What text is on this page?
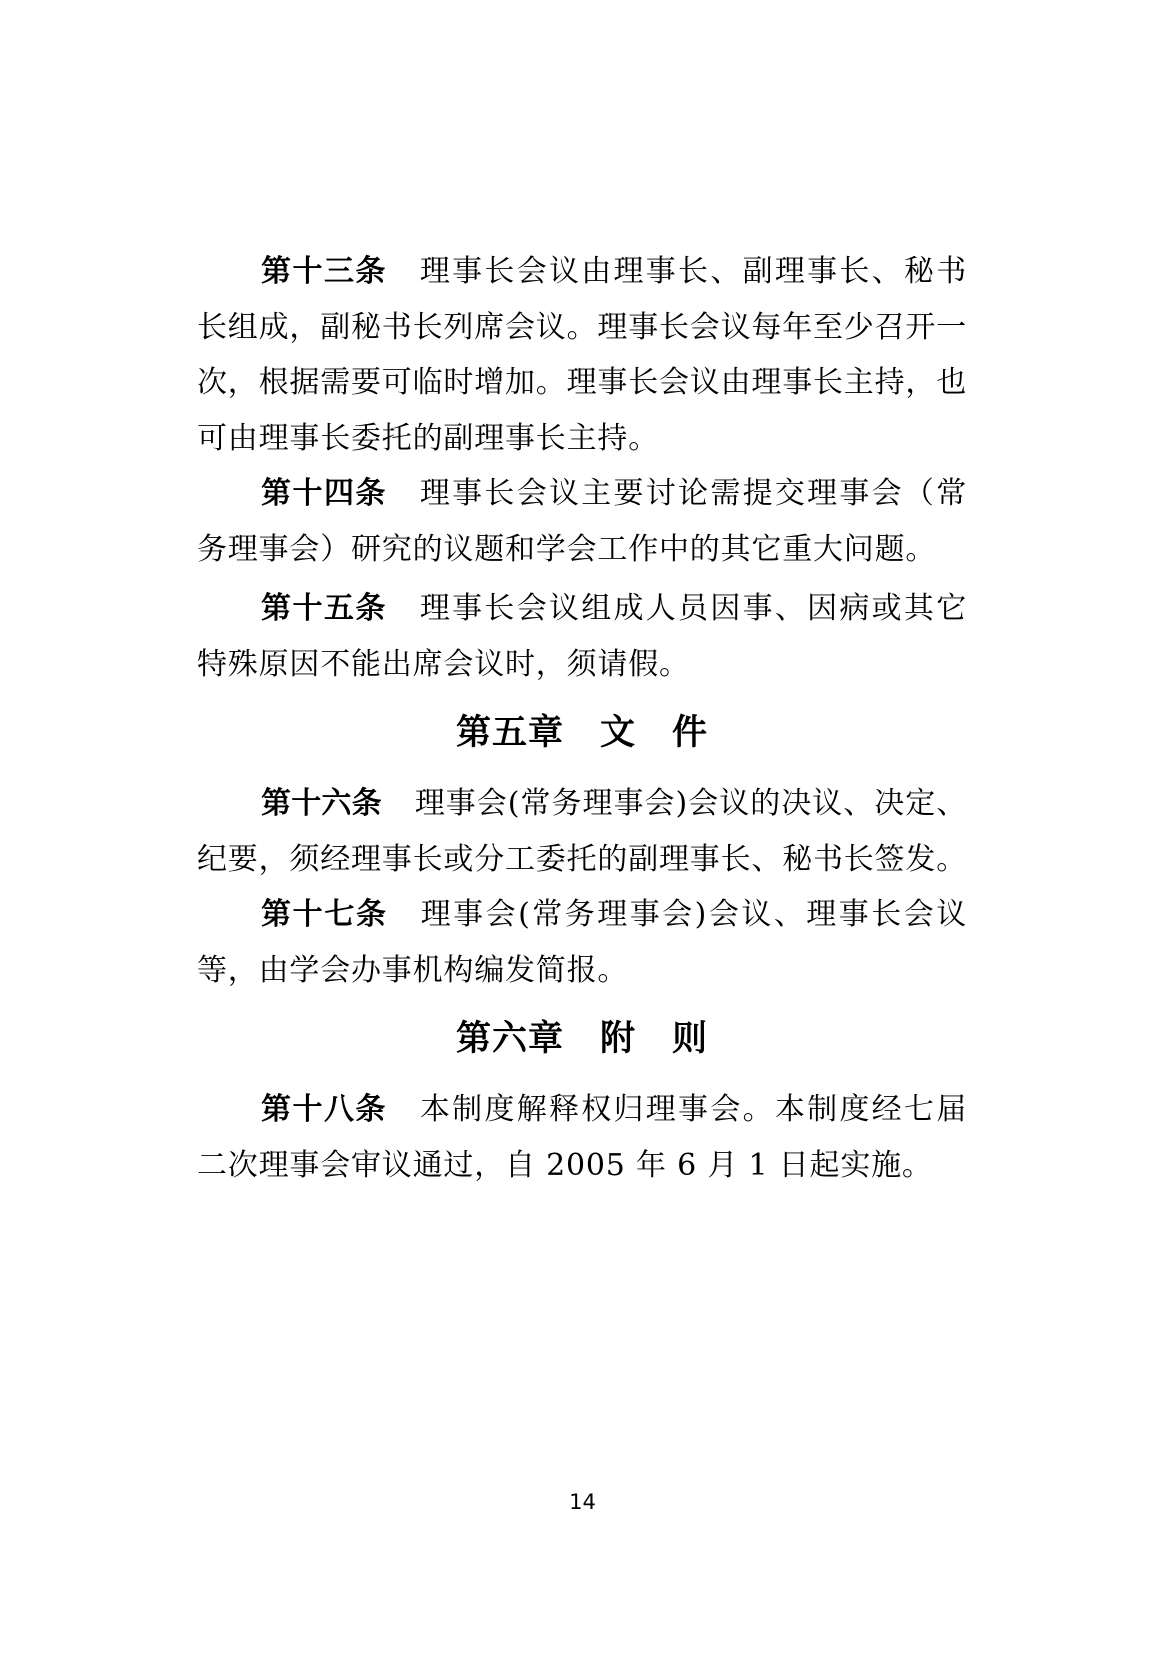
第十三条 理事长会议由理事长、副理事长、秘书长组成，副秘书长列席会议。理事长会议每年至少召开一次，根据需要可临时增加。理事长会议由理事长主持，也可由理事长委托的副理事长主持。

第十四条 理事长会议主要讨论需提交理事会（常务理事会）研究的议题和学会工作中的其它重大问题。

第十五条 理事长会议组成人员因事、因病或其它特殊原因不能出席会议时，须请假。

第五章　文　件

第十六条 理事会(常务理事会)会议的决议、决定、纪要，须经理事长或分工委托的副理事长、秘书长签发。

第十七条 理事会(常务理事会)会议、理事长会议等，由学会办事机构编发简报。

第六章　附　则

第十八条 本制度解释权归理事会。本制度经七届二次理事会审议通过，自 2005 年 6 月 1 日起实施。

14
